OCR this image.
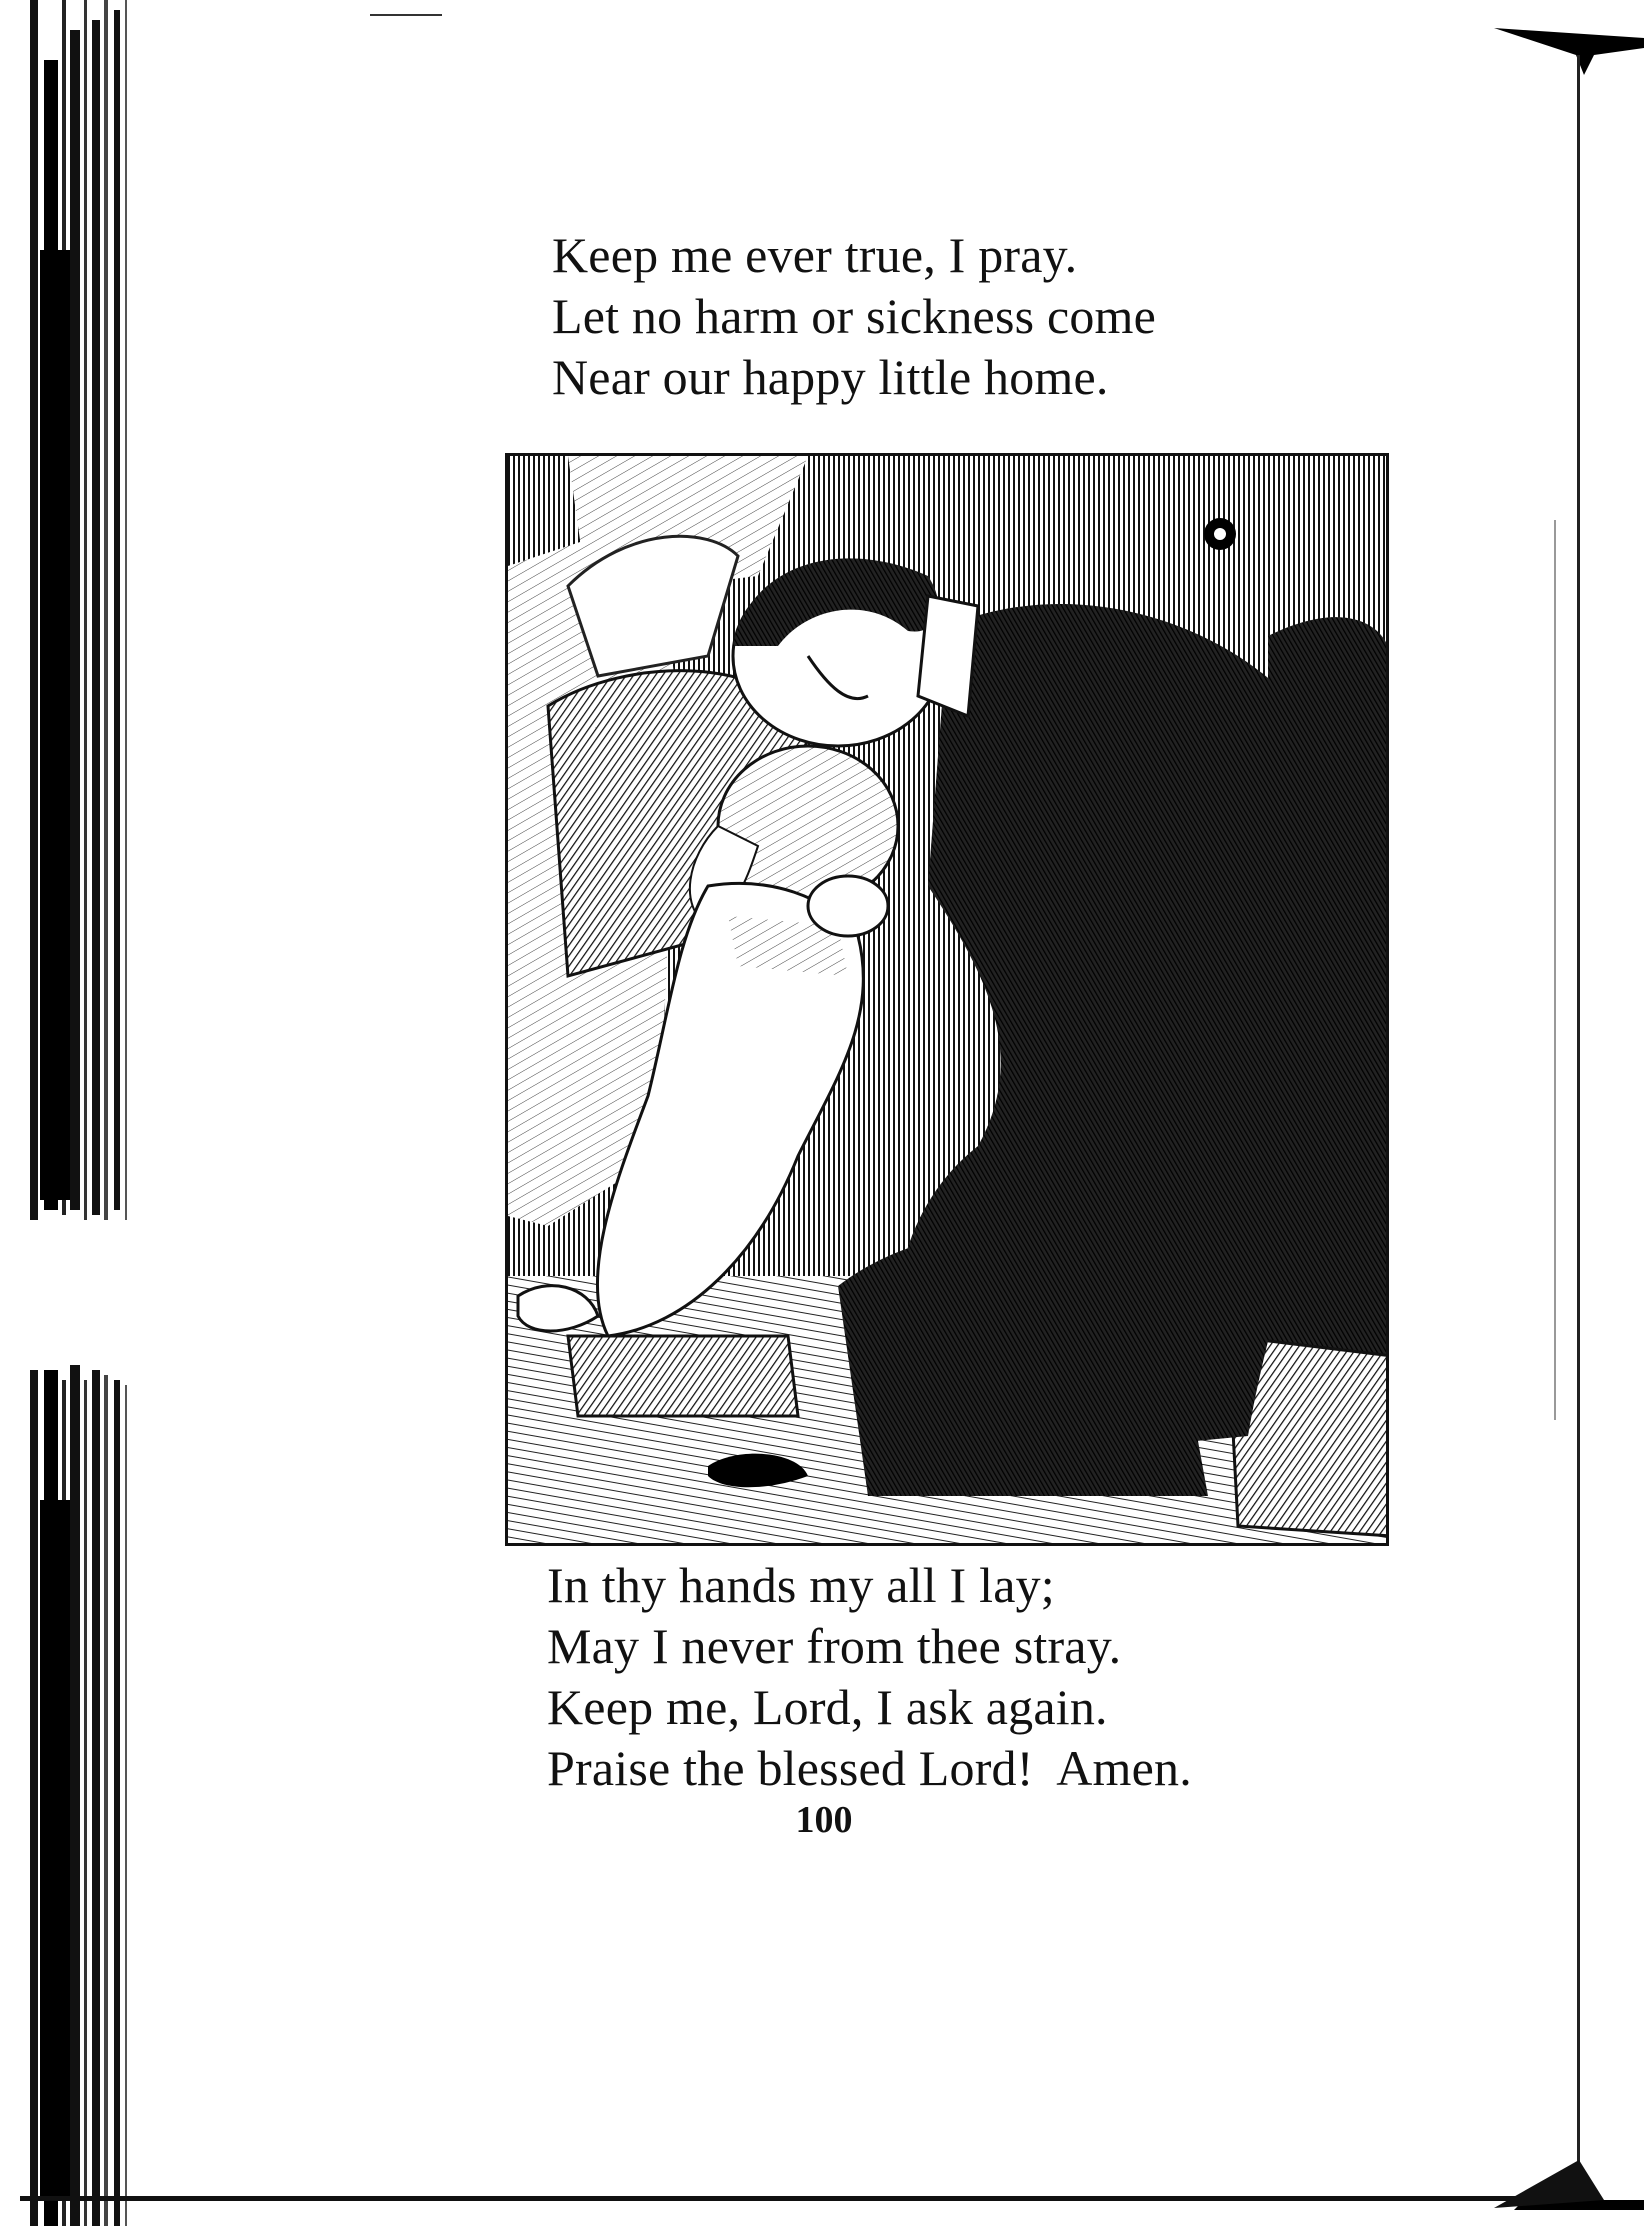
Keep me ever true, I pray.
Let no harm or sickness come
Near our happy little home.
In thy hands my all I lay;
May I never from thee stray.
Keep me, Lord, I ask again.
Praise the blessed Lord!  Amen.
100
